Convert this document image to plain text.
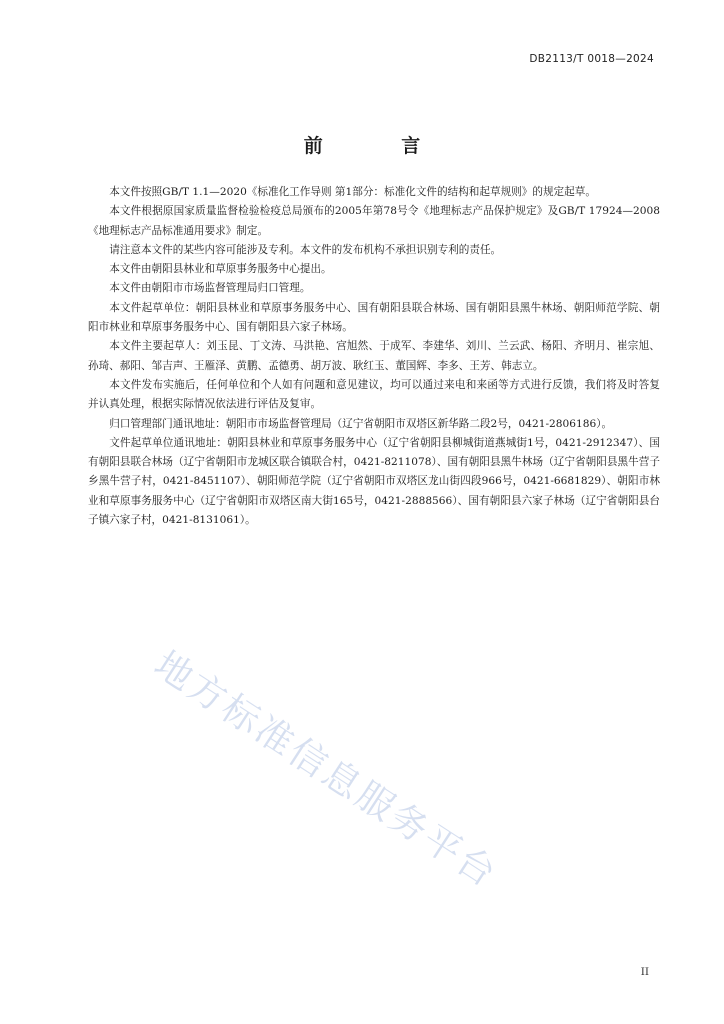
DB2113/T 0018—2024
前 言

本文件按照GB/T 1.1—2020《标准化工作导则 第1部分：标准化文件的结构和起草规则》的规定起草。

本文件根据原国家质量监督检验检疫总局颁布的2005年第78号令《地理标志产品保护规定》及GB/T 17924—2008《地理标志产品标准通用要求》制定。

请注意本文件的某些内容可能涉及专利。本文件的发布机构不承担识别专利的责任。

本文件由朝阳县林业和草原事务服务中心提出。

本文件由朝阳市市场监督管理局归口管理。

本文件起草单位：朝阳县林业和草原事务服务中心、国有朝阳县联合林场、国有朝阳县黑牛林场、朝阳师范学院、朝阳市林业和草原事务服务中心、国有朝阳县六家子林场。

本文件主要起草人：刘玉昆、丁文涛、马洪艳、宫旭然、于成军、李建华、刘川、兰云武、杨阳、齐明月、崔宗旭、孙琦、郝阳、邹吉声、王雁泽、黄鹏、孟德勇、胡万波、耿红玉、董国辉、李多、王芳、韩志立。

本文件发布实施后，任何单位和个人如有问题和意见建议，均可以通过来电和来函等方式进行反馈，我们将及时答复并认真处理，根据实际情况依法进行评估及复审。

归口管理部门通讯地址：朝阳市市场监督管理局（辽宁省朝阳市双塔区新华路二段2号，0421-2806186）。

文件起草单位通讯地址：朝阳县林业和草原事务服务中心（辽宁省朝阳县柳城街道燕城街1号，0421-2912347）、国有朝阳县联合林场（辽宁省朝阳市龙城区联合镇联合村，0421-8211078）、国有朝阳县黑牛林场（辽宁省朝阳县黑牛营子乡黑牛营子村，0421-8451107）、朝阳师范学院（辽宁省朝阳市双塔区龙山街四段966号，0421-6681829）、朝阳市林业和草原事务服务中心（辽宁省朝阳市双塔区南大街165号，0421-2888566）、国有朝阳县六家子林场（辽宁省朝阳县台子镇六家子村，0421-8131061）。

地方标准信息服务平台
II
